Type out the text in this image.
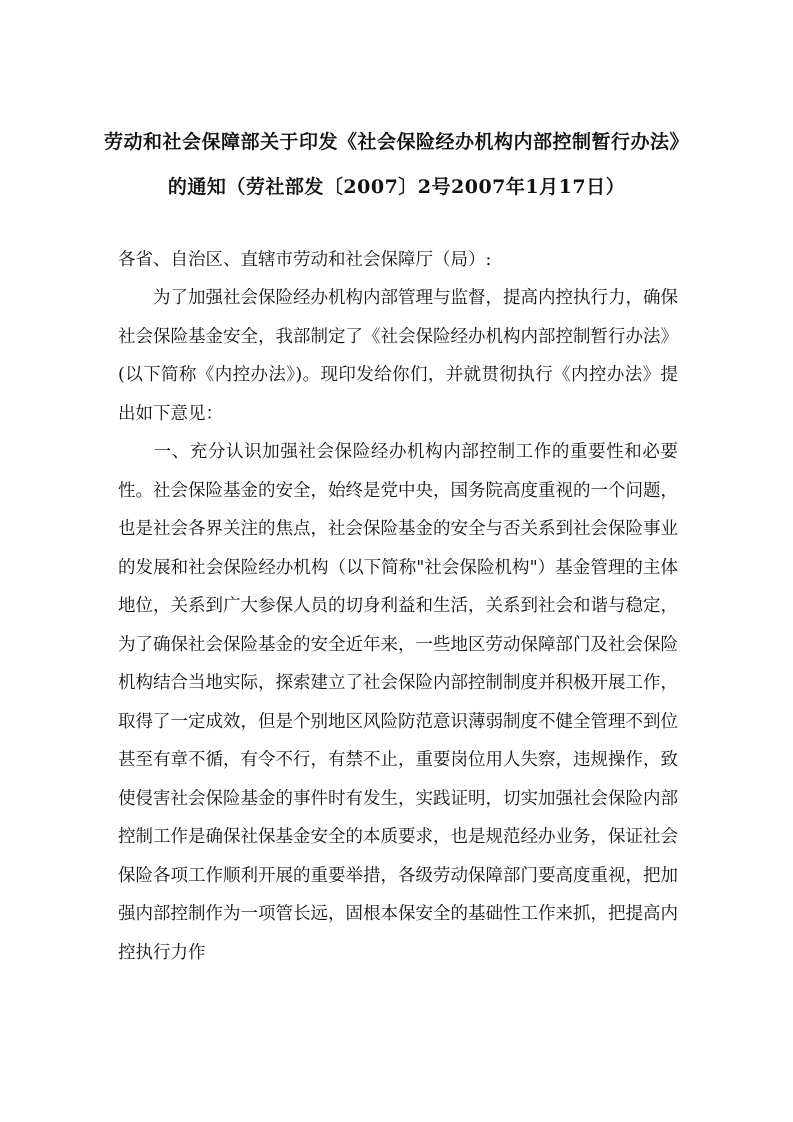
劳动和社会保障部关于印发《社会保险经办机构内部控制暂行办法》
的通知（劳社部发〔2007〕2号2007年1月17日）
各省、自治区、直辖市劳动和社会保障厅（局）:
为了加强社会保险经办机构内部管理与监督，提高内控执行力，确保社会保险基金安全，我部制定了《社会保险经办机构内部控制暂行办法》(以下简称《内控办法》)。现印发给你们，并就贯彻执行《内控办法》提出如下意见：
一、充分认识加强社会保险经办机构内部控制工作的重要性和必要性。社会保险基金的安全，始终是党中央，国务院高度重视的一个问题，也是社会各界关注的焦点，社会保险基金的安全与否关系到社会保险事业的发展和社会保险经办机构（以下简称"社会保险机构"）基金管理的主体地位，关系到广大参保人员的切身利益和生活，关系到社会和谐与稳定，为了确保社会保险基金的安全近年来，一些地区劳动保障部门及社会保险机构结合当地实际，探索建立了社会保险内部控制制度并积极开展工作，取得了一定成效，但是个别地区风险防范意识薄弱制度不健全管理不到位甚至有章不循，有令不行，有禁不止，重要岗位用人失察，违规操作，致使侵害社会保险基金的事件时有发生，实践证明，切实加强社会保险内部控制工作是确保社保基金安全的本质要求，也是规范经办业务，保证社会保险各项工作顺利开展的重要举措，各级劳动保障部门要高度重视，把加强内部控制作为一项管长远，固根本保安全的基础性工作来抓，把提高内控执行力作
